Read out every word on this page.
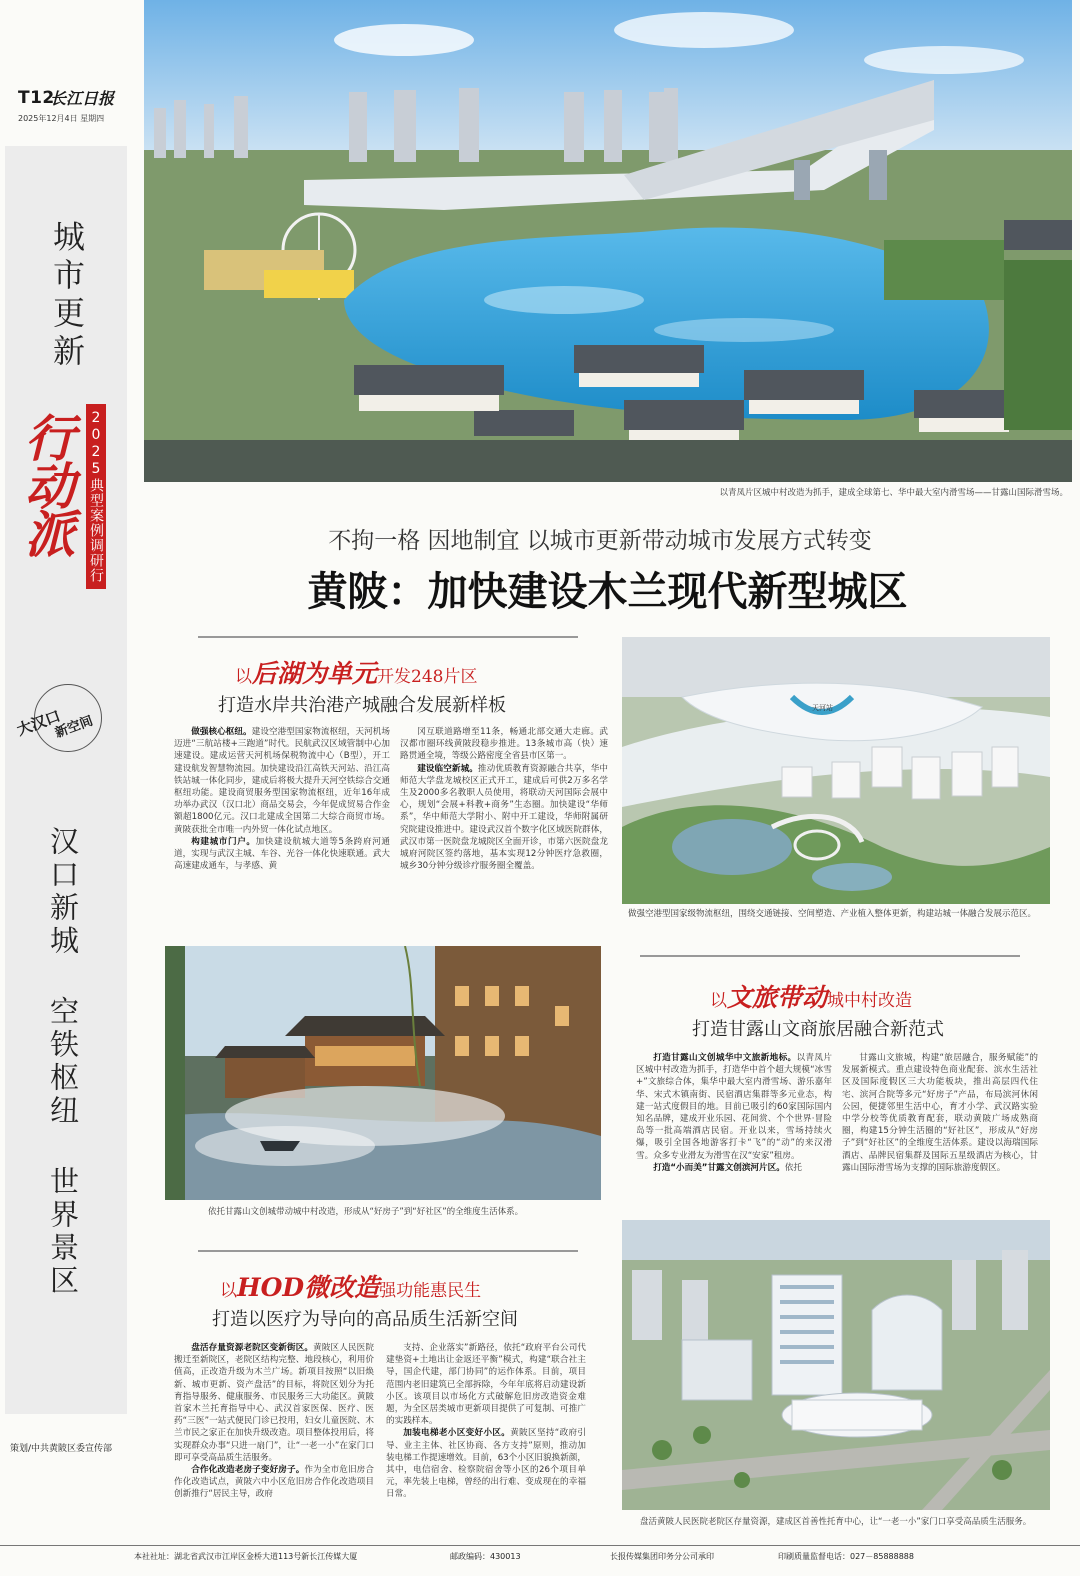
T12
长江日报
2025年12月4日 星期四
城市更新
行动派 2025典型案例调研行
大汉口
新空间
汉口新城 空铁枢纽 世界景区
策划/中共黄陂区委宣传部
以青凤片区城中村改造为抓手，建成全球第七、华中最大室内滑雪场——甘露山国际滑雪场。
不拘一格 因地制宜 以城市更新带动城市发展方式转变
黄陂：加快建设木兰现代新型城区
以后湖为单元开发248片区
打造水岸共治港产城融合发展新样板

做强核心枢纽。建设空港型国家物流枢纽，天河机场迈进“三航站楼+三跑道”时代。民航武汉区域管制中心加速建设。建成运营天河机场保税物流中心（B型），开工建设航发智慧物流园。加快建设沿江高铁天河站、沿江高铁站城一体化同步，建成后将极大提升天河空铁综合交通枢纽功能。建设商贸服务型国家物流枢纽，近年16年成功举办武汉（汉口北）商品交易会，今年促成贸易合作金额超1800亿元。汉口北建成全国第二大综合商贸市场。黄陂获批全市唯一内外贸一体化试点地区。

构建城市门户。加快建设航城大道等5条跨府河通道，实现与武汉主城、车谷、光谷一体化快速联通。武大高速建成通车，与孝感、黄

冈互联道路增至11条，畅通北部交通大走廊。武汉都市圈环线黄陂段稳步推进。13条城市高（快）速路贯通全境，等级公路密度全省县市区第一。

建设临空新城。推动优质教育资源融合共享，华中师范大学盘龙城校区正式开工，建成后可供2万多名学生及2000多名教职人员使用，将联动天河国际会展中心，规划“会展+科教+商务”生态圈。加快建设“华师系”，华中师范大学附小、附中开工建设，华师附属研究院建设推进中。建设武汉首个数字化区域医院群体，武汉市第一医院盘龙城院区全面开诊，市第六医院盘龙城府河院区签约落地，基本实现12分钟医疗急救圈，城乡30分钟分级诊疗服务圈全覆盖。

天河站
做强空港型国家级物流枢纽，围绕交通链接、空间塑造、产业植入整体更新，构建站城一体融合发展示范区。
依托甘露山文创城带动城中村改造，形成从“好房子”到“好社区”的全维度生活体系。
以文旅带动城中村改造
打造甘露山文商旅居融合新范式

打造甘露山文创城华中文旅新地标。以青凤片区城中村改造为抓手，打造华中首个超大规模“冰雪+”文旅综合体，集华中最大室内滑雪场、游乐嘉年华、宋式木镇南街、民宿酒店集群等多元业态，构建一站式度假目的地。目前已吸引约60家国际国内知名品牌，建成开业乐园、花间赏、个个世界·冒险岛等一批高端酒店民宿。开业以来，雪场持续火爆，吸引全国各地游客打卡“飞”的“动”的来汉滑雪。众多专业滑友为滑雪在汉“安家”租房。

打造“小而美”甘露文创滨河片区。依托

甘露山文旅城，构建“旅居融合，服务赋能”的发展新模式。重点建设特色商业配套、滨水生活社区及国际度假区三大功能板块，推出高层四代住宅、滨河合院等多元“好房子”产品，布局滨河休闲公园，便捷邻里生活中心，育才小学、武汉路实验中学分校等优质教育配套，联动黄陂广场成熟商圈，构建15分钟生活圈的“好社区”，形成从“好房子”到“好社区”的全维度生活体系。建设以海瑞国际酒店、品牌民宿集群及国际五星级酒店为核心，甘露山国际滑雪场为支撑的国际旅游度假区。

以HOD微改造强功能惠民生
打造以医疗为导向的高品质生活新空间

盘活存量资源老院区变新街区。黄陂区人民医院搬迁至新院区，老院区结构完整、地段核心，利用价值高，正改造升级为木兰广场。新项目按照“以旧焕新、城市更新、资产盘活”的目标，将院区划分为托育指导服务、健康服务、市民服务三大功能区。黄陂首家木兰托育指导中心、武汉首家医保、医疗、医药“三医”一站式便民门诊已投用，妇女儿童医院、木兰市民之家正在加快升级改造。项目整体投用后，将实现群众办事“只进一扇门”，让“一老一小”在家门口即可享受高品质生活服务。

合作化改造老房子变好房子。作为全市危旧房合作化改造试点，黄陂六中小区危旧房合作化改造项目创新推行“居民主导，政府

支持、企业落实”新路径，依托“政府平台公司代建垫资+土地出让金返还平衡”模式，构建“联合社主导，国企代建，部门协同”的运作体系。目前，项目范围内老旧建筑已全部拆除，今年年底将启动建设新小区。该项目以市场化方式破解危旧房改造资金难题，为全区居类城市更新项目提供了可复制、可推广的实践样本。

加装电梯老小区变好小区。黄陂区坚持“政府引导、业主主体、社区协商、各方支持”原则，推动加装电梯工作提速增效。目前，63个小区旧貌换新颜，其中，电信宿舍、检察院宿舍等小区的26个项目单元，率先装上电梯，曾经的出行难、变成现在的幸福日常。

盘活黄陂人民医院老院区存量资源，建成区首善性托育中心，让“一老一小”家门口享受高品质生活服务。
本社社址：湖北省武汉市江岸区金桥大道113号新长江传媒大厦	邮政编码：430013	长报传媒集团印务分公司承印	印刷质量监督电话：027－85888888
